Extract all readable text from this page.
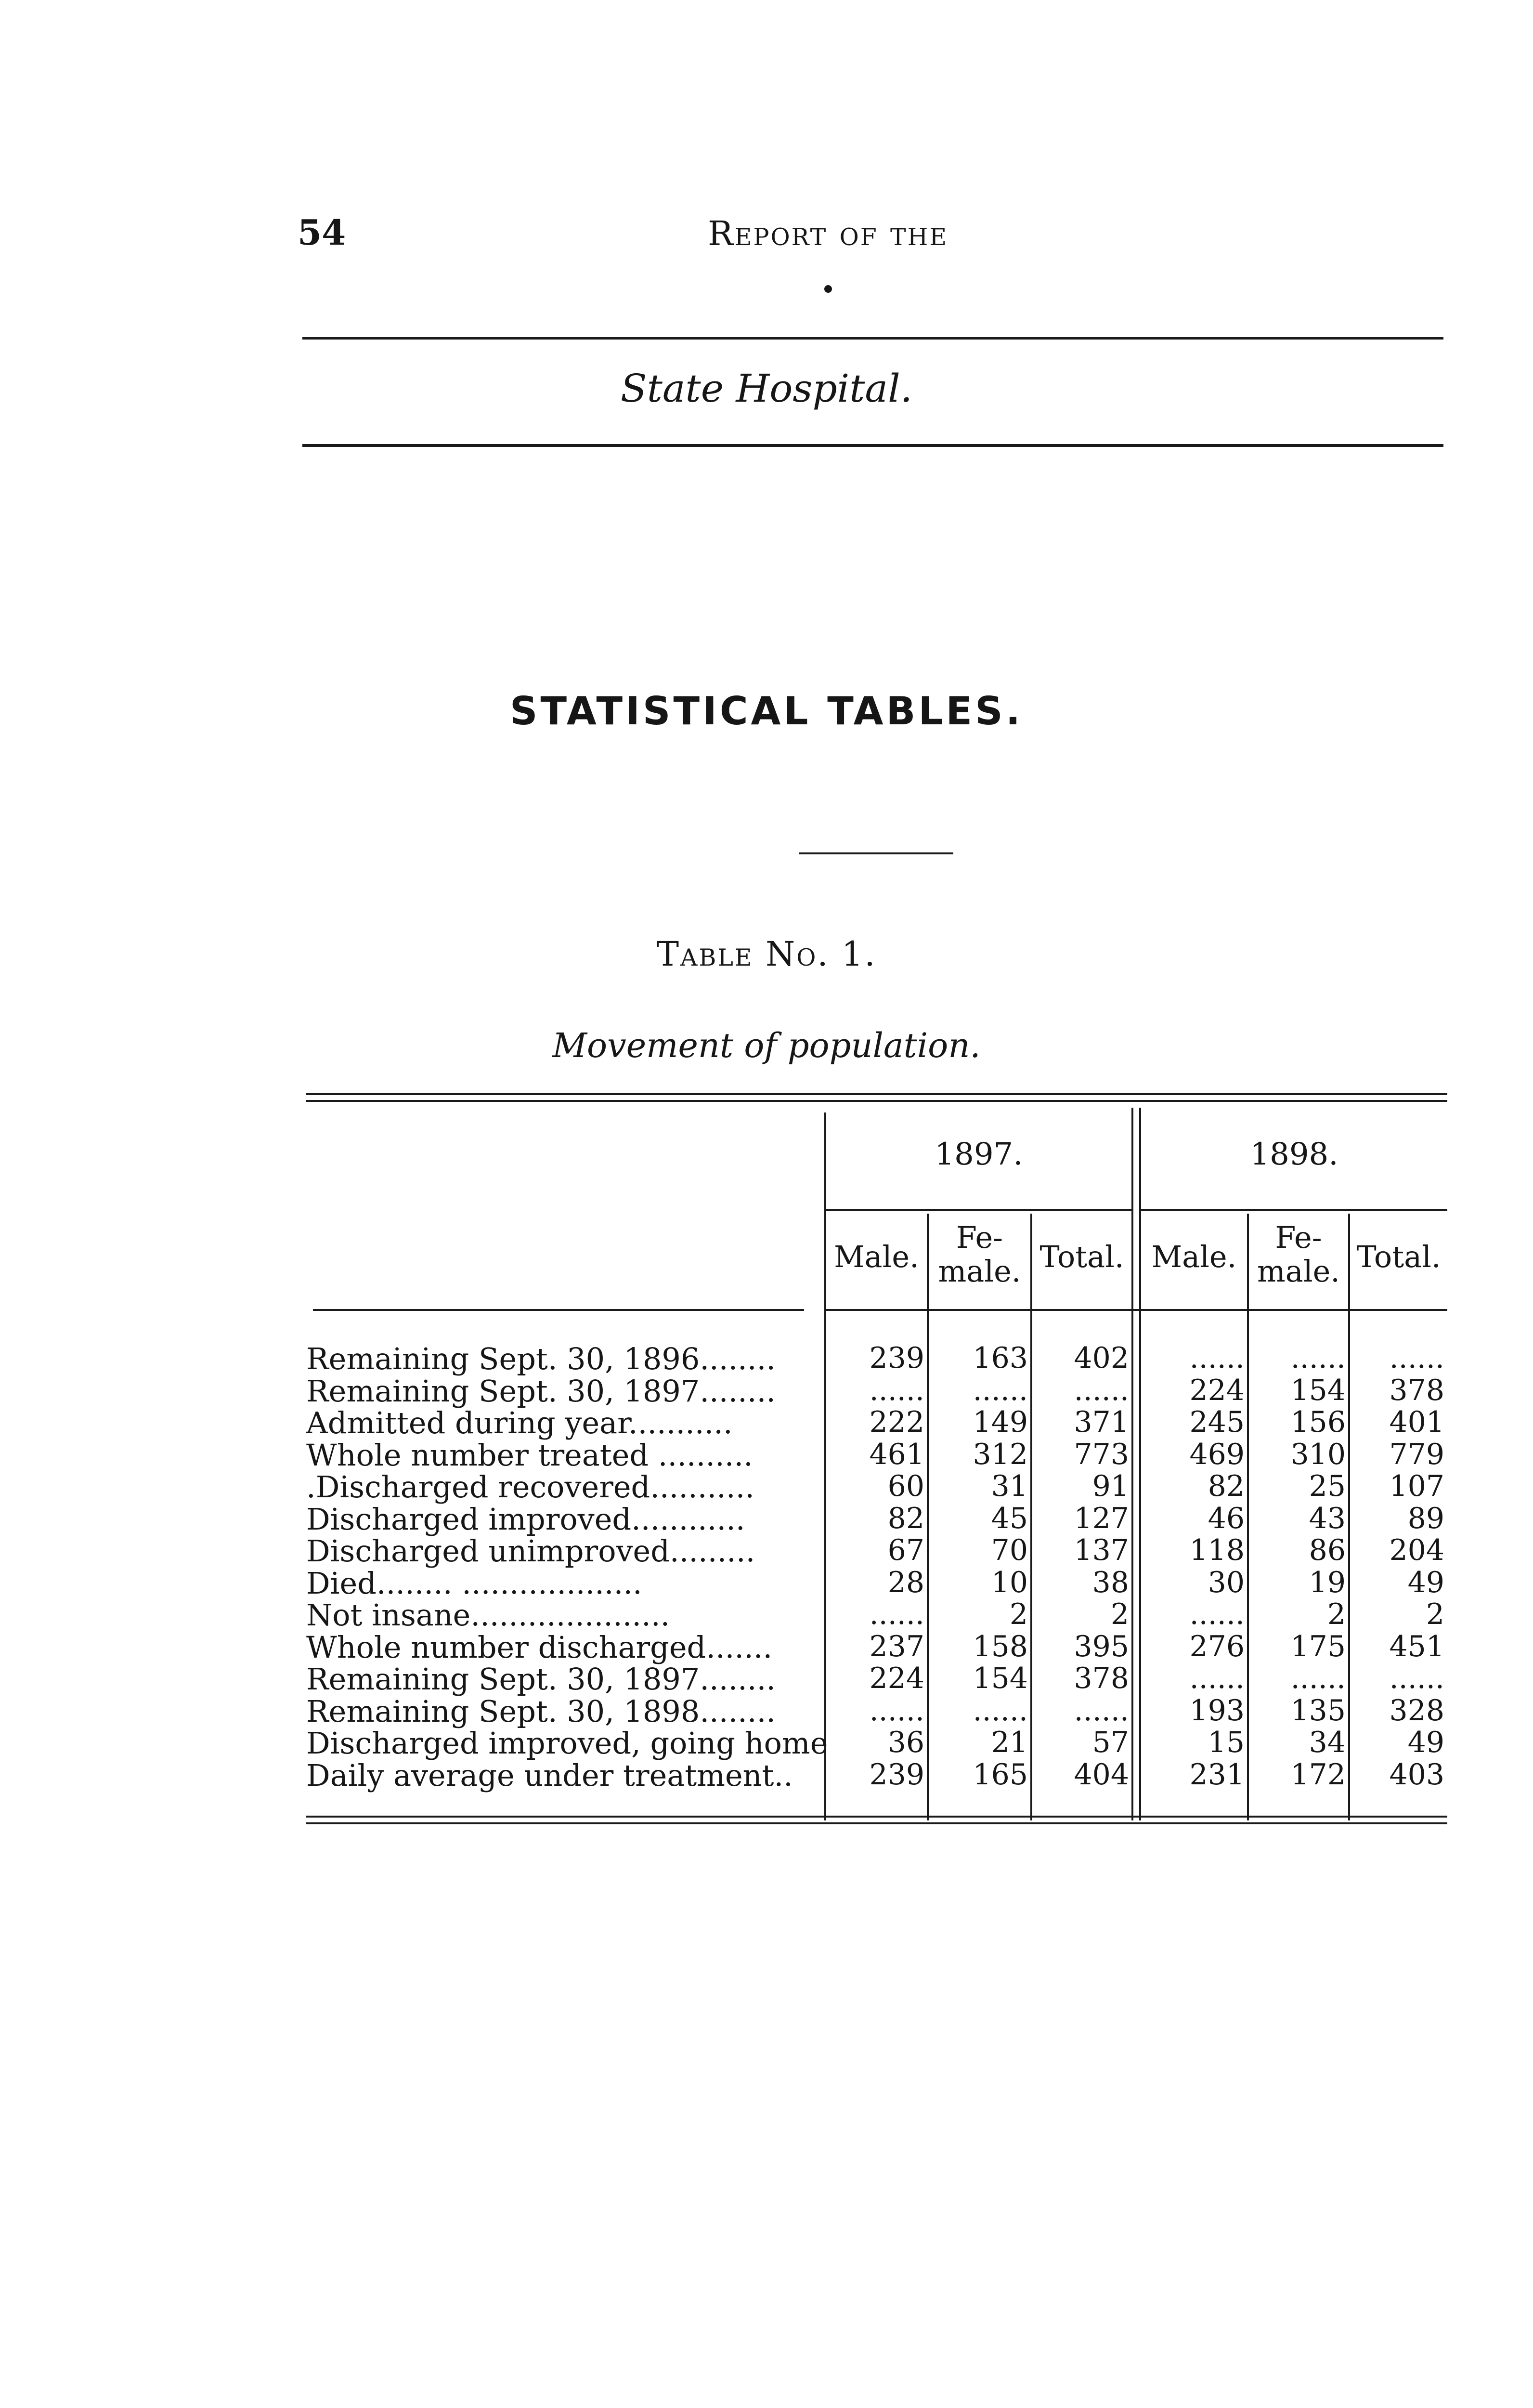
54	Report of the
State Hospital.
STATISTICAL TABLES.
Table No. 1.
Movement of population.
1897.	1898.
Male.
Fe-
male. Total. Male.
Fe-
male. Total.
Remaining Sept. 30, 1896........	239 163 402 ...... ...... ......
Remaining Sept. 30, 1897........	...... ...... ...... 224 154 378
Admitted during year...........	222 149 371 245 156 401
Whole number treated ..........	461 312 773 469 310 779
.Discharged recovered...........	60 31 91	82 25 107
Discharged improved............	82 45 127	46 43 89
Discharged unimproved.........	67 70 137 118 86 204
Died........ ...................	28 10 38	30 19 49
Not insane.....................	......	2	2 ......	2	2
Whole number discharged.......	237 158 395 276 175 451
Remaining Sept. 30, 1897........	224 154 378 ...... ...... ......
Remaining Sept. 30, 1898........	...... ...... ...... 193 135 328
Discharged improved, going home 36 21 57	15 34 49
Daily average under treatment..	239 165 404 231 172 403
